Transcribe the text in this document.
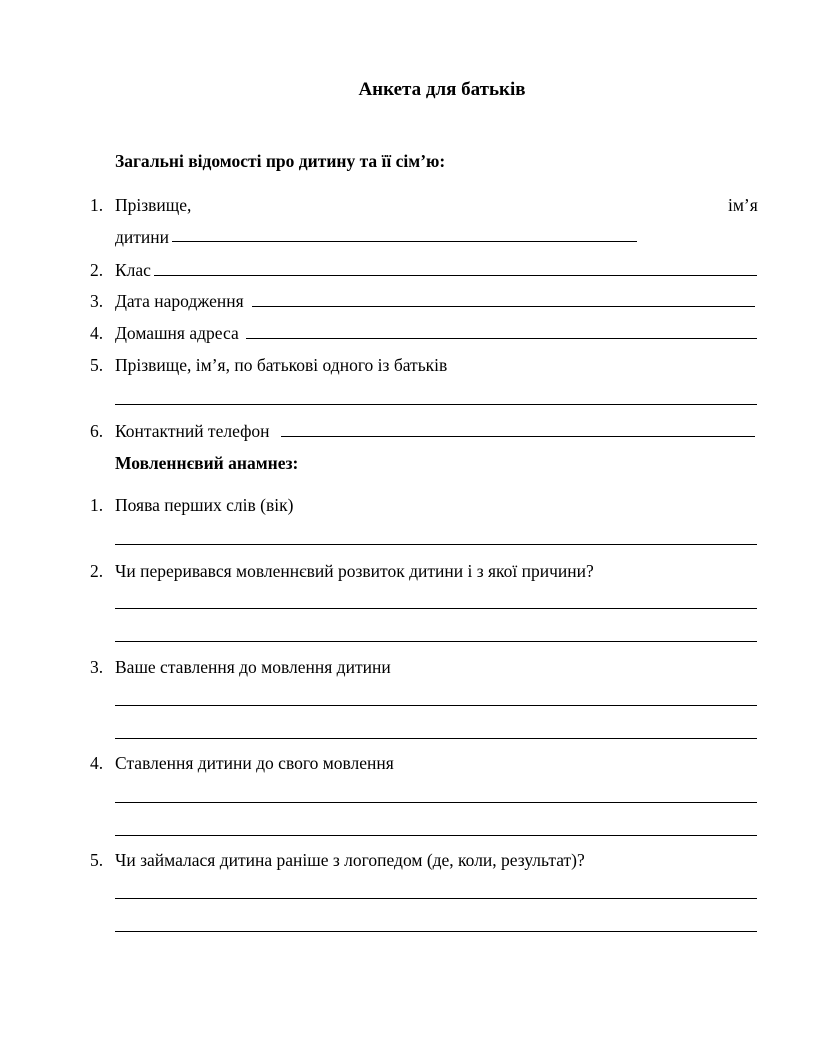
Анкета для батьків
Загальні відомості про дитину та її сім’ю:
1. Прізвище,	ім’я
дитини
2. Клас
3. Дата народження
4. Домашня адреса
5. Прізвище, ім’я, по батькові одного із батьків
6. Контактний телефон
Мовленнєвий анамнез:
1. Поява перших слів (вік)
2. Чи переривався мовленнєвий розвиток дитини і з якої причини?
3. Ваше ставлення до мовлення дитини
4. Ставлення дитини до свого мовлення
5. Чи займалася дитина раніше з логопедом (де, коли, результат)?
